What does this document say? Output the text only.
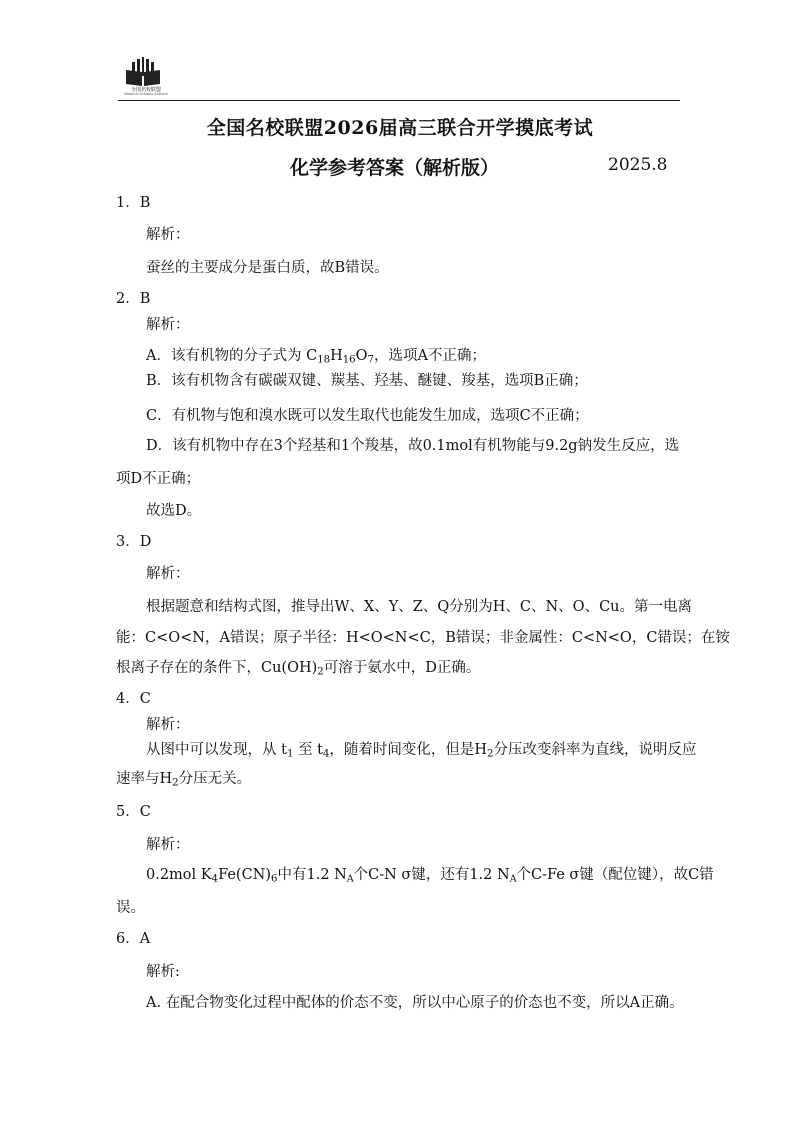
全国名校联盟
National Schools Alliance
全国名校联盟2026届高三联合开学摸底考试
化学参考答案（解析版）	2025.8
1．B
解析：
蚕丝的主要成分是蛋白质，故B错误。
2．B
解析：
A．该有机物的分子式为 $C_{18}H_{16}O_7$，选项A不正确；
B．该有机物含有碳碳双键、羰基、羟基、醚键、羧基，选项B正确；
C．有机物与饱和溴水既可以发生取代也能发生加成，选项C不正确；
D．该有机物中存在3个羟基和1个羧基，故0.1mol有机物能与9.2g钠发生反应，选
项D不正确；
故选D。
3．D
解析：
根据题意和结构式图，推导出W、X、Y、Z、Q分别为H、C、N、O、Cu。第一电离
能：C<O<N，A错误；原子半径：H<O<N<C，B错误；非金属性：C<N<O，C错误；在铵
根离子存在的条件下，$Cu(OH)_2$可溶于氨水中，D正确。
4．C
解析：
从图中可以发现，从 $t_1$ 至 $t_4$，随着时间变化，但是$H_2$分压改变斜率为直线，说明反应
速率与$H_2$分压无关。
5．C
解析：
0.2mol $K_4Fe(CN)_6$中有1.2 $N_A$个C-N σ键，还有1.2 $N_A$个C-Fe σ键（配位键），故C错
误。
6．A
解析:
A. 在配合物变化过程中配体的价态不变，所以中心原子的价态也不变，所以A正确。
